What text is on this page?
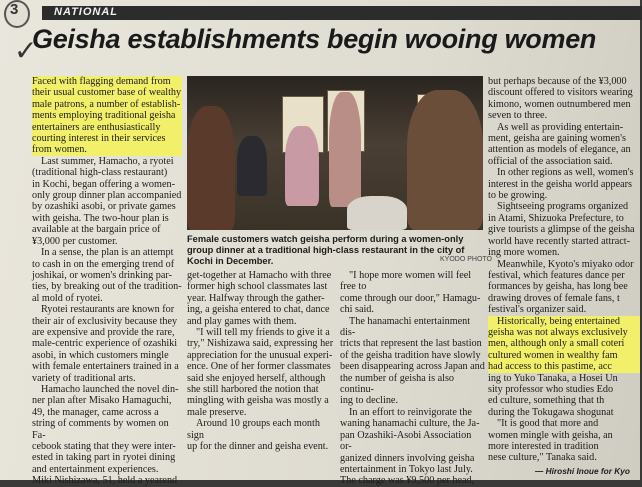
3	NATIONAL
✓
Geisha establishments begin wooing women
Faced with flagging demand from
their usual customer base of wealthy
male patrons, a number of establish-
ments employing traditional geisha
entertainers are enthusiastically
courting interest in their services
from women.
Last summer, Hamacho, a ryotei
(traditional high-class restaurant)
in Kochi, began offering a women-
only group dinner plan accompanied
by ozashiki asobi, or private games
with geisha. The two-hour plan is
available at the bargain price of
¥3,000 per customer.
In a sense, the plan is an attempt
to cash in on the emerging trend of
joshikai, or women's drinking par-
ties, by breaking out of the tradition-
al mold of ryotei.
Ryotei restaurants are known for
their air of exclusivity because they
are expensive and provide the rare,
male-centric experience of ozashiki
asobi, in which customers mingle
with female entertainers trained in a
variety of traditional arts.
Hamacho launched the novel din-
ner plan after Misako Hamaguchi,
49, the manager, came across a
string of comments by women on Fa-
cebook stating that they were inter-
ested in taking part in ryotei dining
and entertainment experiences.
Miki Nishizawa, 51, held a yearend
Female customers watch geisha perform during a women-only group dinner at a traditional high-class restaurant in the city of Kochi in December.	KYODO PHOTO
get-together at Hamacho with three
former high school classmates last
year. Halfway through the gather-
ing, a geisha entered to chat, dance
and play games with them.
"I will tell my friends to give it a
try," Nishizawa said, expressing her
appreciation for the unusual experi-
ence. One of her former classmates
said she enjoyed herself, although
she still harbored the notion that
mingling with geisha was mostly a
male preserve.
Around 10 groups each month sign
up for the dinner and geisha event.
"I hope more women will feel free to
come through our door," Hamagu-
chi said.
The hanamachi entertainment dis-
tricts that represent the last bastion
of the geisha tradition have slowly
been disappearing across Japan and
the number of geisha is also continu-
ing to decline.
In an effort to reinvigorate the
waning hanamachi culture, the Ja-
pan Ozashiki-Asobi Association or-
ganized dinners involving geisha
entertainment in Tokyo last July.
The charge was ¥9,500 per head,
but perhaps because of the ¥3,000
discount offered to visitors wearing
kimono, women outnumbered men
seven to three.
As well as providing entertain-
ment, geisha are gaining women's
attention as models of elegance, an
official of the association said.
In other regions as well, women's
interest in the geisha world appears
to be growing.
Sightseeing programs organized
in Atami, Shizuoka Prefecture, to
give tourists a glimpse of the geisha
world have recently started attract-
ing more women.
Meanwhile, Kyoto's miyako odor
festival, which features dance per
formances by geisha, has long bee
drawing droves of female fans, t
festival's organizer said.
Historically, being entertained
geisha was not always exclusively
men, although only a small coteri
cultured women in wealthy fam
had access to this pastime, acc
ing to Yuko Tanaka, a Hosei Un
sity professor who studies Edo
ed culture, something that th
during the Tokugawa shogunat
"It is good that more and
women mingle with geisha, an
more interested in tradition
nese culture," Tanaka said.
— Hiroshi Inoue for Kyo
